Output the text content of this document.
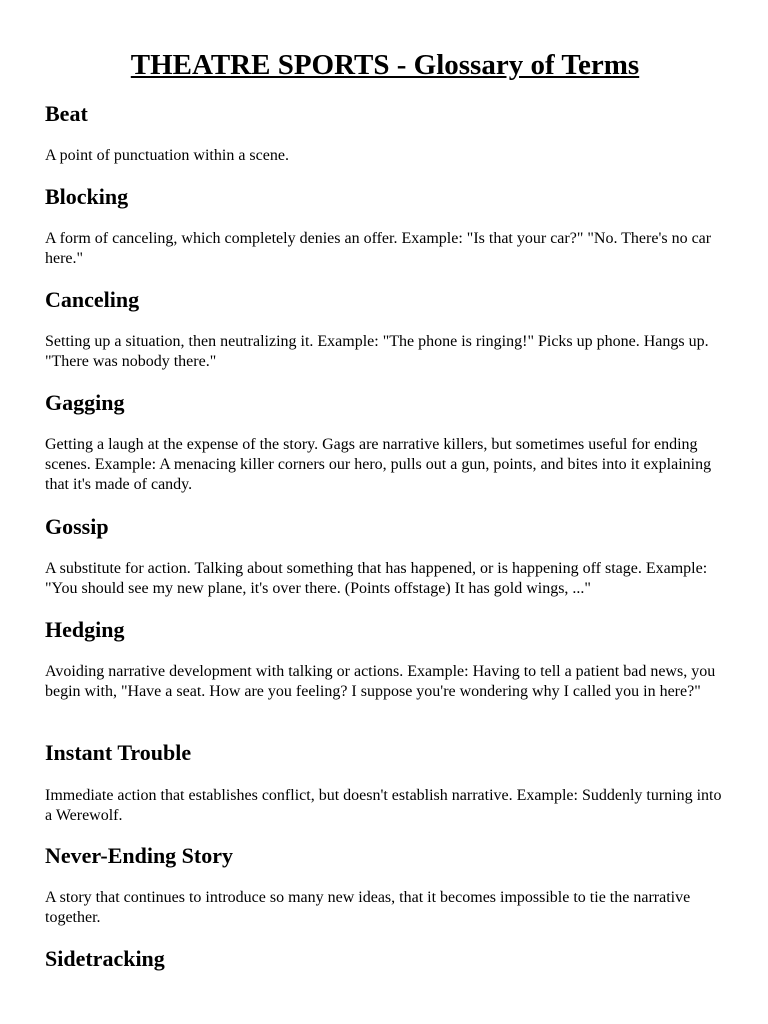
THEATRE SPORTS - Glossary of Terms
Beat

A point of punctuation within a scene.

Blocking

A form of canceling, which completely denies an offer. Example: "Is that your car?" "No. There's no car here."

Canceling

Setting up a situation, then neutralizing it. Example: "The phone is ringing!" Picks up phone. Hangs up. "There was nobody there."

Gagging

Getting a laugh at the expense of the story. Gags are narrative killers, but sometimes useful for ending scenes. Example: A menacing killer corners our hero, pulls out a gun, points, and bites into it explaining that it's made of candy.

Gossip

A substitute for action. Talking about something that has happened, or is happening off stage. Example: "You should see my new plane, it's over there. (Points offstage) It has gold wings, ..."

Hedging

Avoiding narrative development with talking or actions. Example: Having to tell a patient bad news, you begin with, "Have a seat. How are you feeling? I suppose you're wondering why I called you in here?"

Instant Trouble

Immediate action that establishes conflict, but doesn't establish narrative. Example: Suddenly turning into a Werewolf.

Never-Ending Story

A story that continues to introduce so many new ideas, that it becomes impossible to tie the narrative together.

Sidetracking
